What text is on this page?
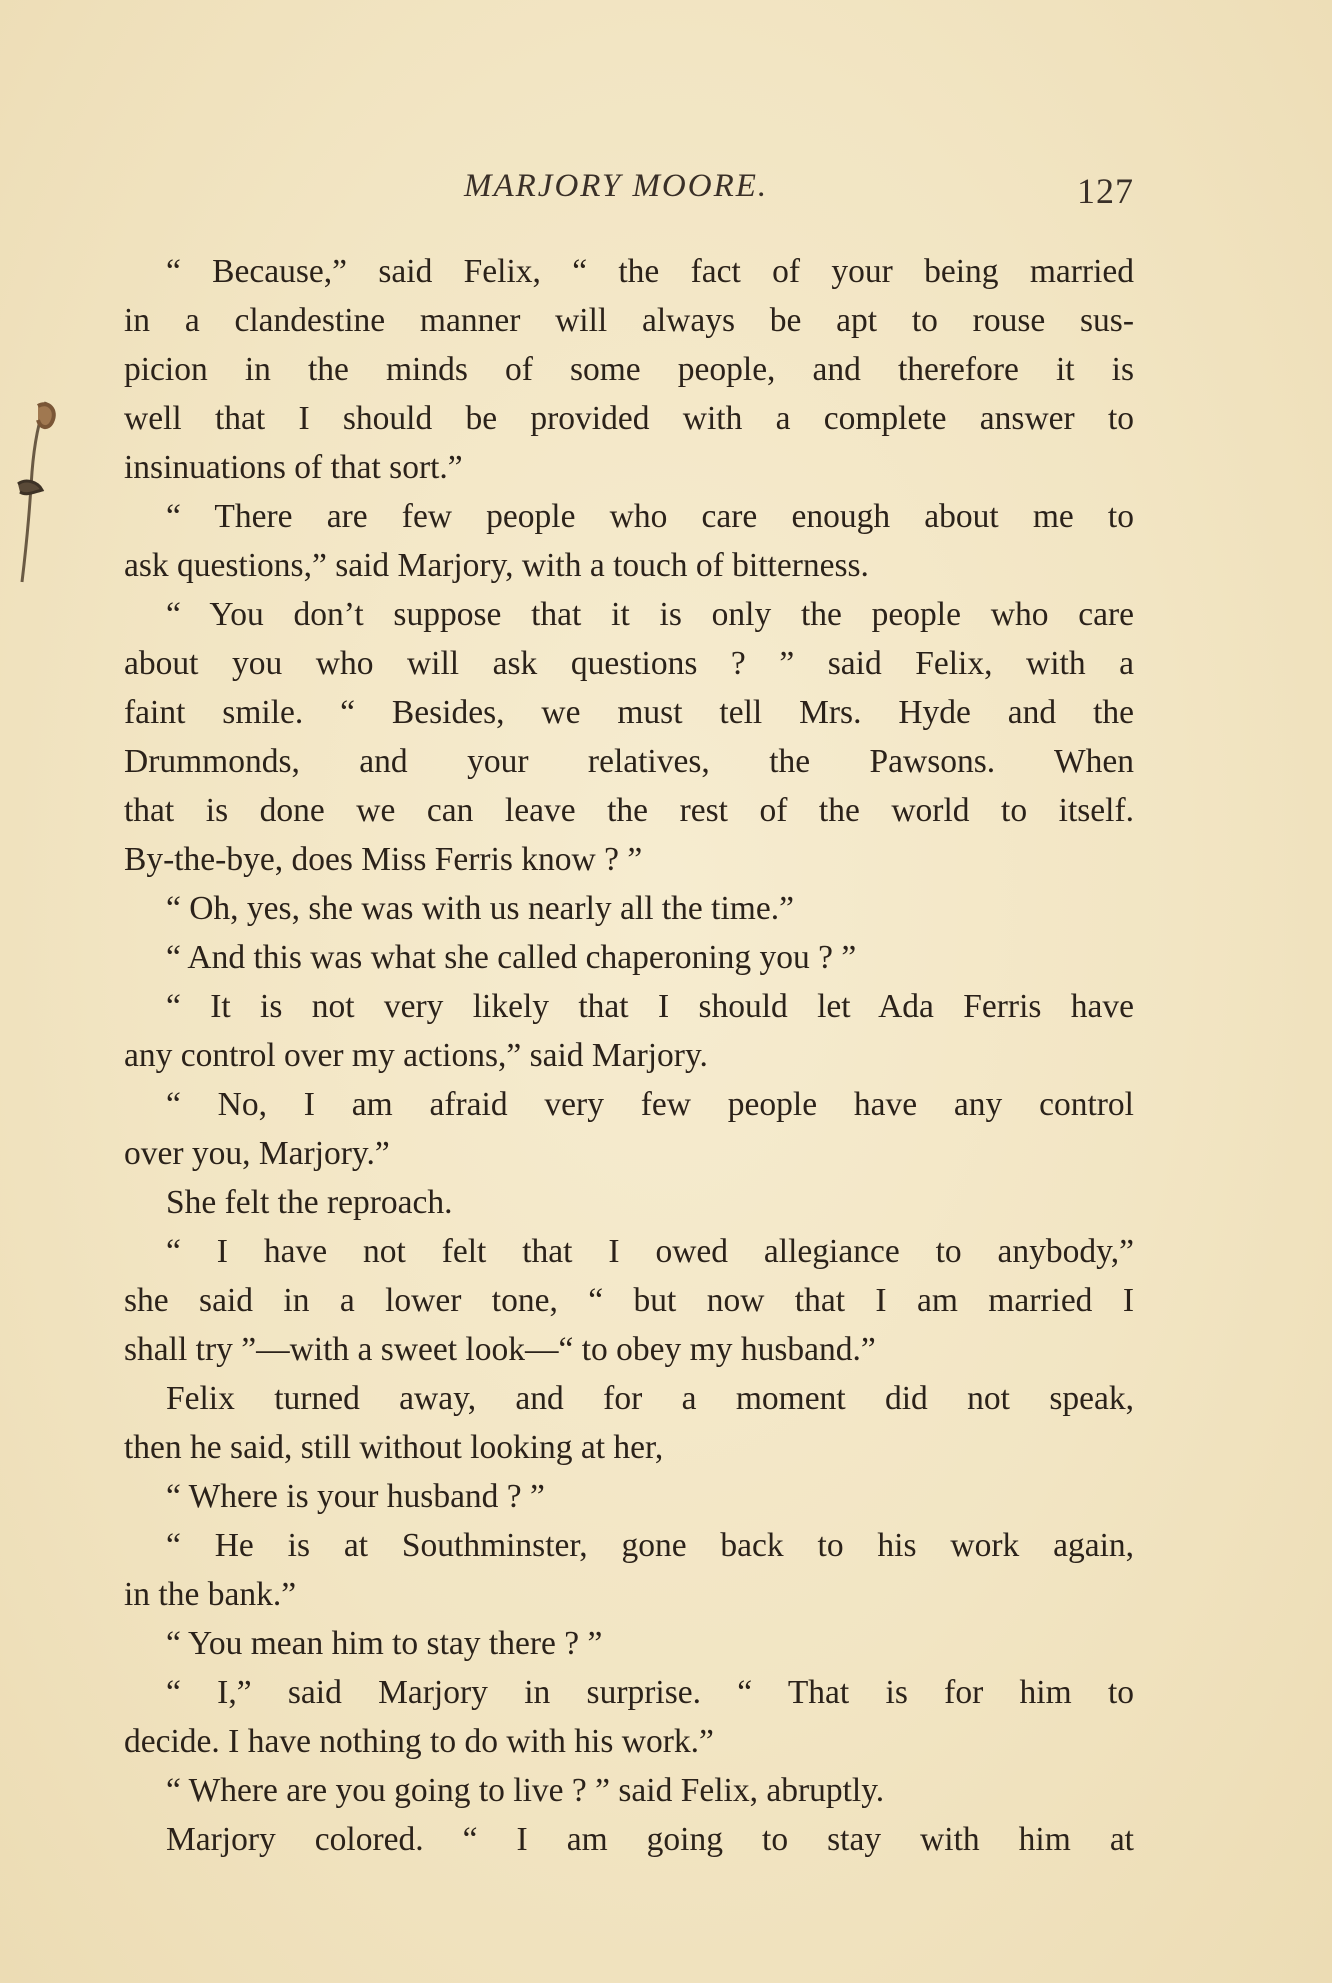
MARJORY MOORE.	127
“ Because,” said Felix, “ the fact of your being married
in a clandestine manner will always be apt to rouse sus-
picion in the minds of some people, and therefore it is
well that I should be provided with a complete answer to
insinuations of that sort.”
“ There are few people who care enough about me to
ask questions,” said Marjory, with a touch of bitterness.
“ You don’t suppose that it is only the people who care
about you who will ask questions ? ” said Felix, with a
faint smile. “ Besides, we must tell Mrs. Hyde and the
Drummonds, and your relatives, the Pawsons. When
that is done we can leave the rest of the world to itself.
By-the-bye, does Miss Ferris know ? ”
“ Oh, yes, she was with us nearly all the time.”
“ And this was what she called chaperoning you ? ”
“ It is not very likely that I should let Ada Ferris have
any control over my actions,” said Marjory.
“ No, I am afraid very few people have any control
over you, Marjory.”
She felt the reproach.
“ I have not felt that I owed allegiance to anybody,”
she said in a lower tone, “ but now that I am married I
shall try ”—with a sweet look—“ to obey my husband.”
Felix turned away, and for a moment did not speak,
then he said, still without looking at her,
“ Where is your husband ? ”
“ He is at Southminster, gone back to his work again,
in the bank.”
“ You mean him to stay there ? ”
“ I,” said Marjory in surprise. “ That is for him to
decide. I have nothing to do with his work.”
“ Where are you going to live ? ” said Felix, abruptly.
Marjory colored. “ I am going to stay with him at
